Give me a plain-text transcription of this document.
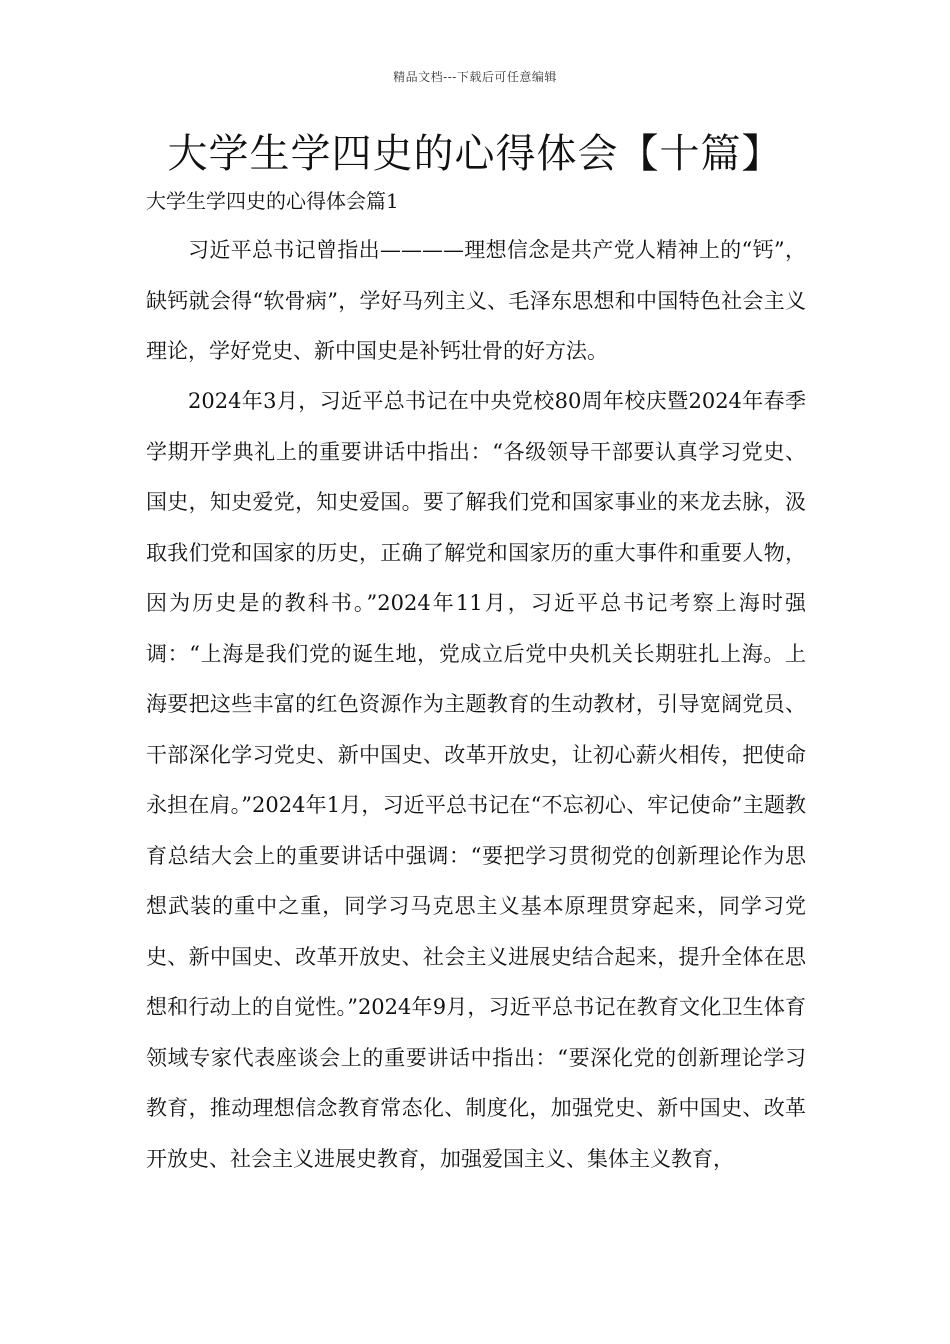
精品文档---下载后可任意编辑
大学生学四史的心得体会【十篇】
大学生学四史的心得体会篇1

习近平总书记曾指出————理想信念是共产党人精神上的“钙”，缺钙就会得“软骨病”，学好马列主义、毛泽东思想和中国特色社会主义理论，学好党史、新中国史是补钙壮骨的好方法。

2024年3月，习近平总书记在中央党校80周年校庆暨2024年春季学期开学典礼上的重要讲话中指出：“各级领导干部要认真学习党史、国史，知史爱党，知史爱国。要了解我们党和国家事业的来龙去脉，汲取我们党和国家的历史，正确了解党和国家历的重大事件和重要人物，因为历史是的教科书。”2024年11月，习近平总书记考察上海时强调：“上海是我们党的诞生地，党成立后党中央机关长期驻扎上海。上海要把这些丰富的红色资源作为主题教育的生动教材，引导宽阔党员、干部深化学习党史、新中国史、改革开放史，让初心薪火相传，把使命永担在肩。”2024年1月，习近平总书记在“不忘初心、牢记使命”主题教育总结大会上的重要讲话中强调：“要把学习贯彻党的创新理论作为思想武装的重中之重，同学习马克思主义基本原理贯穿起来，同学习党史、新中国史、改革开放史、社会主义进展史结合起来，提升全体在思想和行动上的自觉性。”2024年9月，习近平总书记在教育文化卫生体育领域专家代表座谈会上的重要讲话中指出：“要深化党的创新理论学习教育，推动理想信念教育常态化、制度化，加强党史、新中国史、改革开放史、社会主义进展史教育，加强爱国主义、集体主义教育，
